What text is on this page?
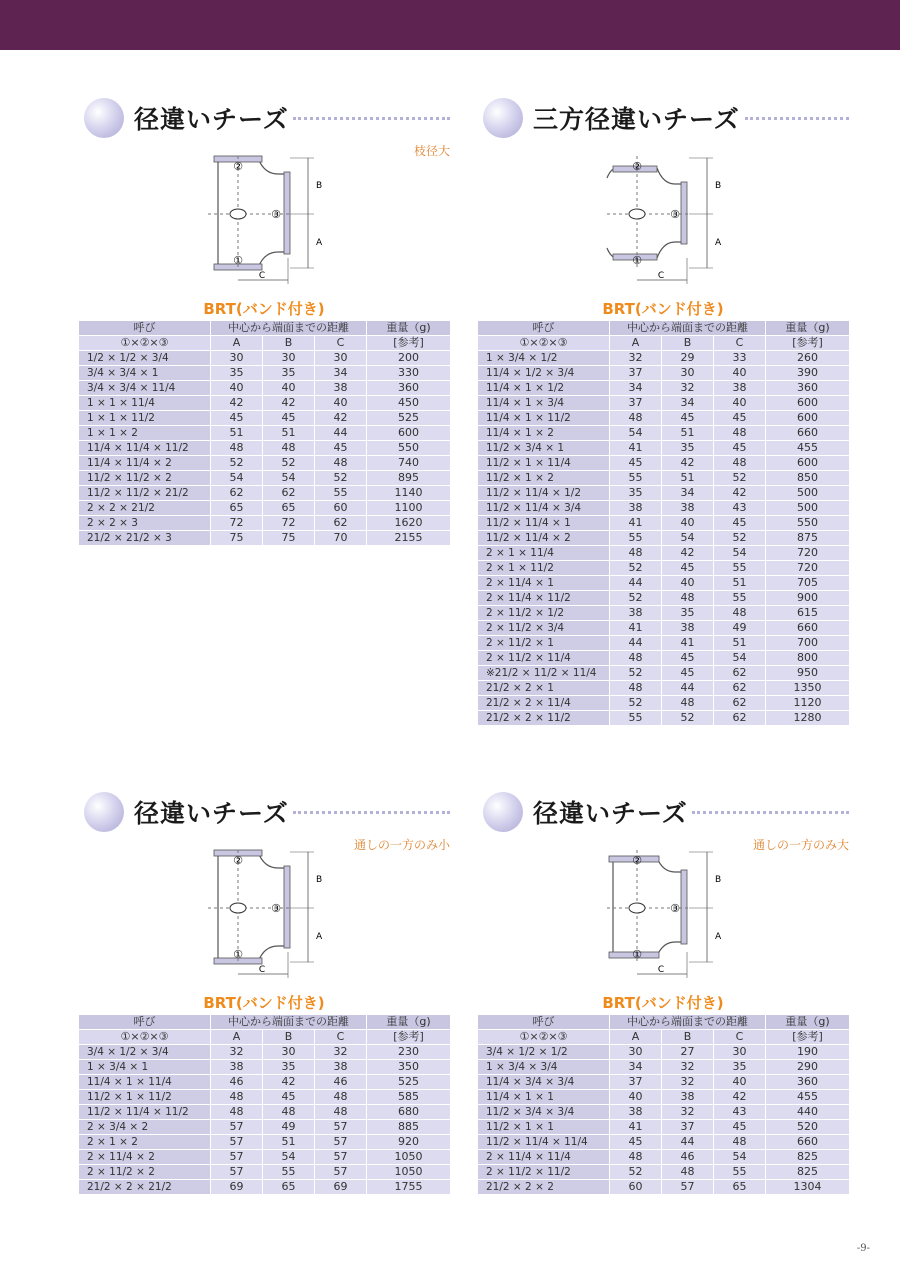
径違いチーズ
枝径大
②
①
③
A
B
C
BRT(バンド付き)
呼び	中心から端面までの距離			重量（g)
①×②×③	A	B	C	[参考]
1/2 × 1/2 × 3/4	30	30	30	200
3/4 × 3/4 × 1	35	35	34	330
3/4 × 3/4 × 11/4	40	40	38	360
1 × 1 × 11/4	42	42	40	450
1 × 1 × 11/2	45	45	42	525
1 × 1 × 2	51	51	44	600
11/4 × 11/4 × 11/2	48	48	45	550
11/4 × 11/4 × 2	52	52	48	740
11/2 × 11/2 × 2	54	54	52	895
11/2 × 11/2 × 21/2	62	62	55	1140
2 × 2 × 21/2	65	65	60	1100
2 × 2 × 3	72	72	62	1620
21/2 × 21/2 × 3	75	75	70	2155
三方径違いチーズ
②
①
③
A
B
C
BRT(バンド付き)
呼び	中心から端面までの距離			重量（g)
①×②×③	A	B	C	[参考]
1 × 3/4 × 1/2	32	29	33	260
11/4 × 1/2 × 3/4	37	30	40	390
11/4 × 1 × 1/2	34	32	38	360
11/4 × 1 × 3/4	37	34	40	600
11/4 × 1 × 11/2	48	45	45	600
11/4 × 1 × 2	54	51	48	660
11/2 × 3/4 × 1	41	35	45	455
11/2 × 1 × 11/4	45	42	48	600
11/2 × 1 × 2	55	51	52	850
11/2 × 11/4 × 1/2	35	34	42	500
11/2 × 11/4 × 3/4	38	38	43	500
11/2 × 11/4 × 1	41	40	45	550
11/2 × 11/4 × 2	55	54	52	875
2 × 1 × 11/4	48	42	54	720
2 × 1 × 11/2	52	45	55	720
2 × 11/4 × 1	44	40	51	705
2 × 11/4 × 11/2	52	48	55	900
2 × 11/2 × 1/2	38	35	48	615
2 × 11/2 × 3/4	41	38	49	660
2 × 11/2 × 1	44	41	51	700
2 × 11/2 × 11/4	48	45	54	800
※21/2 × 11/2 × 11/4	52	45	62	950
21/2 × 2 × 1	48	44	62	1350
21/2 × 2 × 11/4	52	48	62	1120
21/2 × 2 × 11/2	55	52	62	1280
径違いチーズ
通しの一方のみ小
②
①
③
A
B
C
BRT(バンド付き)
呼び	中心から端面までの距離			重量（g)
①×②×③	A	B	C	[参考]
3/4 × 1/2 × 3/4	32	30	32	230
1 × 3/4 × 1	38	35	38	350
11/4 × 1 × 11/4	46	42	46	525
11/2 × 1 × 11/2	48	45	48	585
11/2 × 11/4 × 11/2	48	48	48	680
2 × 3/4 × 2	57	49	57	885
2 × 1 × 2	57	51	57	920
2 × 11/4 × 2	57	54	57	1050
2 × 11/2 × 2	57	55	57	1050
21/2 × 2 × 21/2	69	65	69	1755
径違いチーズ
通しの一方のみ大
②
①
③
A
B
C
BRT(バンド付き)
呼び	中心から端面までの距離			重量（g)
①×②×③	A	B	C	[参考]
3/4 × 1/2 × 1/2	30	27	30	190
1 × 3/4 × 3/4	34	32	35	290
11/4 × 3/4 × 3/4	37	32	40	360
11/4 × 1 × 1	40	38	42	455
11/2 × 3/4 × 3/4	38	32	43	440
11/2 × 1 × 1	41	37	45	520
11/2 × 11/4 × 11/4	45	44	48	660
2 × 11/4 × 11/4	48	46	54	825
2 × 11/2 × 11/2	52	48	55	825
21/2 × 2 × 2	60	57	65	1304
-9-
